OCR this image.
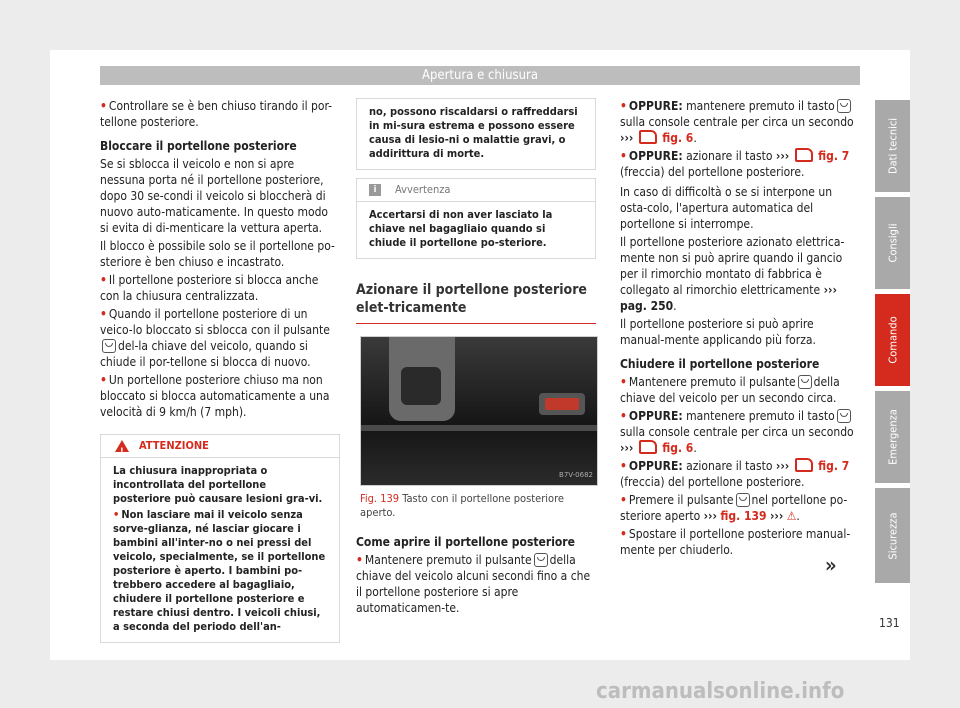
Apertura e chiusura

• Controllare se è ben chiuso tirando il por-tellone posteriore.

Bloccare il portellone posteriore

Se si sblocca il veicolo e non si apre nessuna porta né il portellone posteriore, dopo 30 se-condi il veicolo si bloccherà di nuovo auto-maticamente. In questo modo si evita di di-menticare la vettura aperta.

Il blocco è possibile solo se il portellone po-steriore è ben chiuso e incastrato.

• Il portellone posteriore si blocca anche con la chiusura centralizzata.

• Quando il portellone posteriore di un veico-lo bloccato si sblocca con il pulsantedel-la chiave del veicolo, quando si chiude il por-tellone si blocca di nuovo.

• Un portellone posteriore chiuso ma non bloccato si blocca automaticamente a una velocità di 9 km/h (7 mph).

!
ATTENZIONE

La chiusura inappropriata o incontrollata del portellone posteriore può causare lesioni gra-vi.

• Non lasciare mai il veicolo senza sorve-glianza, né lasciar giocare i bambini all'inter-no o nei pressi del veicolo, specialmente, se il portellone posteriore è aperto. I bambini po-trebbero accedere al bagagliaio, chiudere il portellone posteriore e restare chiusi dentro. I veicoli chiusi, a seconda del periodo dell'an-

no, possono riscaldarsi o raffreddarsi in mi-sura estrema e possono essere causa di lesio-ni o malattie gravi, o addirittura di morte.
i	Avvertenza
Accertarsi di non aver lasciato la chiave nel bagagliaio quando si chiude il portellone po-steriore.
Azionare il portellone posteriore elet-tricamente
B7V-0682
Fig. 139 Tasto con il portellone posteriore aperto.

Come aprire il portellone posteriore

• Mantenere premuto il pulsante della chiave del veicolo alcuni secondi fino a che il portellone posteriore si apre automaticamen-te.

• OPPURE: mantenere premuto il tasto sulla console centrale per circa un secondo ››› fig. 6.

• OPPURE: azionare il tasto ››› fig. 7 (freccia) del portellone posteriore.

In caso di difficoltà o se si interpone un osta-colo, l'apertura automatica del portellone si interrompe.

Il portellone posteriore azionato elettrica-mente non si può aprire quando il gancio per il rimorchio montato di fabbrica è collegato al rimorchio elettricamente ››› pag. 250.

Il portellone posteriore si può aprire manual-mente applicando più forza.

Chiudere il portellone posteriore

• Mantenere premuto il pulsante della chiave del veicolo per un secondo circa.

• OPPURE: mantenere premuto il tasto sulla console centrale per circa un secondo ››› fig. 6.

• OPPURE: azionare il tasto ››› fig. 7 (freccia) del portellone posteriore.

• Premere il pulsante nel portellone po-steriore aperto ››› fig. 139 ››› ⚠.

• Spostare il portellone posteriore manual-mente per chiuderlo.

»
Dati tecnici
Consigli
Comando
Emergenza
Sicurezza
131
carmanualsonline.info
